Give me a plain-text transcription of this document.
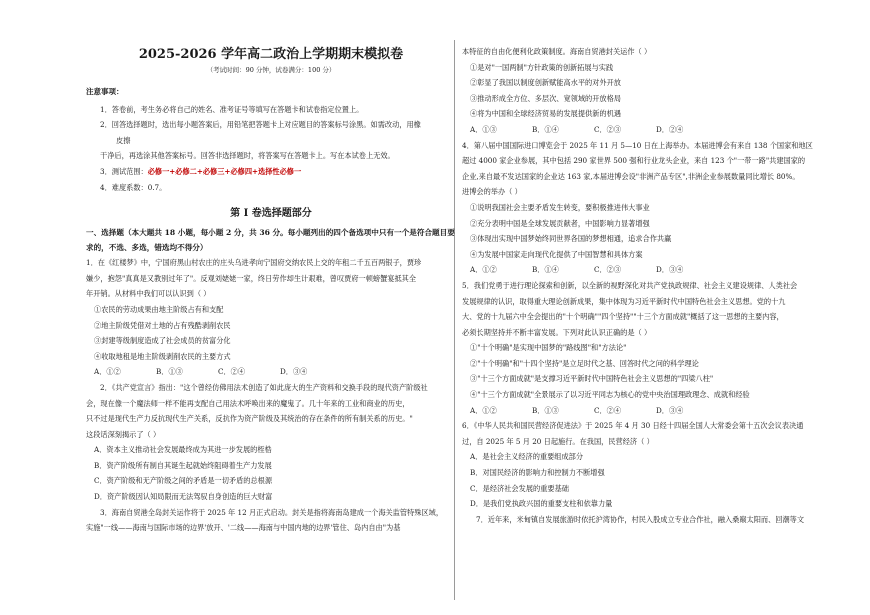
2025-2026 学年高二政治上学期期末模拟卷
（考试时间：90 分钟，试卷满分：100 分）
注意事项：
1．答卷前，考生务必将自己的姓名、准考证号等填写在答题卡和试卷指定位置上。
2．回答选择题时，选出每小题答案后，用铅笔把答题卡上对应题目的答案标号涂黑。如需改动，用橡
皮擦
干净后，再选涂其他答案标号。回答非选择题时，将答案写在答题卡上。写在本试卷上无效。
3．测试范围：必修一+必修二+必修三+必修四+选择性必修一
4．难度系数：0.7。
第 I 卷选择题部分
一、选择题（本大题共 18 小题，每小题 2 分，共 36 分。每小题列出的四个备选项中只有一个是符合题目要求的，不选、多选，错选均不得分）
1．在《红楼梦》中，宁国府黑山村农庄的庄头乌进孝向宁国府交纳农民上交的年租二千五百两银子，贾珍
嫌少，抱怨"真真是又教别过年了"。反观刘姥姥一家，终日劳作却生计艰难，曾叹贾府一顿螃蟹宴抵其全
年开销。从材料中我们可以认识到（ ）
①农民的劳动成果由地主阶级占有和支配
②地主阶级凭借对土地的占有残酷剥削农民
③封建等级制度造成了社会成员的贫富分化
④收取地租是地主阶级剥削农民的主要方式
A．①②	B．①③	C．②④	D．③④
2．《共产党宣言》指出："这个曾经仿佛用法术创造了如此庞大的生产资料和交换手段的现代资产阶级社
会，现在像一个魔法师一样不能再支配自己用法术呼唤出来的魔鬼了。几十年来的工业和商业的历史，
只不过是现代生产力反抗现代生产关系，反抗作为资产阶级及其统治的存在条件的所有制关系的历史。"
这段话深刻揭示了（ ）
A．资本主义推动社会发展最终成为其进一步发展的桎梏
B．资产阶级所有制自其诞生起就始终阻碍着生产力发展
C．资产阶级和无产阶级之间的矛盾是一切矛盾的总根源
D．资产阶级因认知局限而无法驾驭自身创造的巨大财富
3．海南自贸港全岛封关运作将于 2025 年 12 月正式启动。封关是指将海南岛建成一个海关监管特殊区域，
实施"一线——海南与国际市场的边界'放开、'二线——海南与中国内地的边界'管住、岛内自由"为基
本特征的自由化便利化政策制度。海南自贸港封关运作（ ）
①是对"一国两制"方针政策的创新拓展与实践
②彰显了我国以制度创新赋能高水平的对外开放
③推动形成全方位、多层次、宽领域的开放格局
④将为中国和全球经济贸易的发展提供新的机遇
A．①③	B．①④	C．②③	D．②④
4．第八届中国国际进口博览会于 2025 年 11 月 5—10 日在上海举办。本届进博会有来自 138 个国家和地区
超过 4000 家企业参展，其中包括 290 家世界 500 强和行业龙头企业，来自 123 个"一带一路"共建国家的
企业,来自最不发达国家的企业达 163 家,本届进博会设"非洲产品专区",非洲企业参展数量同比增长 80%。
进博会的举办（ ）
①说明我国社会主要矛盾发生转变，要积极推进伟大事业
②充分表明中国是全球发展贡献者，中国影响力显著增强
③体现出实现中国梦始终同世界各国的梦想相通，追求合作共赢
④为发展中国家走向现代化提供了中国智慧和具体方案
A．①②	B．①④	C．②③	D．③④
5．我们党勇于进行理论探索和创新，以全新的视野深化对共产党执政规律、社会主义建设规律、人类社会
发展规律的认识，取得重大理论创新成果，集中体现为习近平新时代中国特色社会主义思想。党的十九
大、党的十九届六中全会提出的"十个明确""四个坚持""十三个方面成就"概括了这一思想的主要内容，
必须长期坚持并不断丰富发展。下列对此认识正确的是（ ）
①"十个明确"是实现中国梦的"路线图"和"方法论"
②"十个明确"和"十四个坚持"是立足时代之基、回答时代之问的科学理论
③"十三个方面成就"是支撑习近平新时代中国特色社会主义思想的"四梁八柱"
④"十三个方面成就"全景展示了以习近平同志为核心的党中央治国理政理念、成就和经验
A．①②	B．①③	C．②④	D．③④
6．《中华人民共和国民营经济促进法》于 2025 年 4 月 30 日经十四届全国人大常委会第十五次会议表决通
过，自 2025 年 5 月 20 日起施行。在我国，民营经济（ ）
A．是社会主义经济的重要组成部分
B．对国民经济的影响力和控制力不断增强
C．是经济社会发展的重要基础
D．是我们党执政兴国的重要支柱和依靠力量
7．近年来，米甸镇自发展旅游时依托沪湾协作，村民入股成立专业合作社，融入桑巅太阳而、回潮等文
